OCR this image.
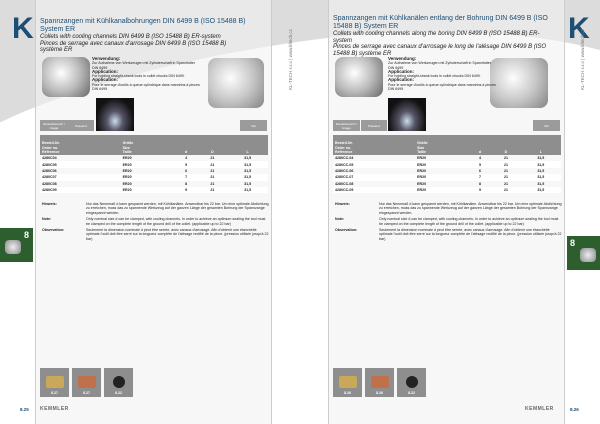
K	K
Spannzangen mit Kühlkanalbohrungen DIN 6499 B (ISO 15488 B) System ER
Collets with cooling channels DIN 6499 B (ISO 15488 B) ER-system
Pinces de serrage avec canaux d'arrosage DIN 6499 B (ISO 15488 B) système ER
Verwendung:
Zur Aufnahme von Werkzeugen mit Zylinderschaft in Spannfutter DIN 6499.
Application:
For holding straight-shank tools in collet chucks DIN 6499.
Application:
Pour le serrage d'outils à queue cylindrique dans mandrins à pinces DIN 6499.
Einsatzbereich / Usage	Passend	Info
Bestell-Nr.
Order no.
Référence	Größe
Size
Taille	d	D	L
4280C04	ER20	4	21	31,5
4280C05	ER20	5	21	31,5
4280C06	ER20	6	21	31,5
4280C07	ER20	7	21	31,5
4280C08	ER20	8	21	31,5
4280C09	ER20	9	21	31,5
Hinweis:	Nur das Nennmaß d kann gespannt werden, mit Kühlkanälen. Anwendbar bis 22 bar. Um eine optimale Abdichtung zu erreichen, muss das zu spannende Werkzeug auf der ganzen Länge der gesamten Bohrung der Spannzange eingespannt werden.
Note:	Only nominal size d can be clamped, with cooling channels. In order to achieve an optimum sealing the tool must be clamped on the complete length of the ground drill of the collet. (applicable up to 22 bar)
Observation:	Seulement la dimension nominale d peut être serrée, avec canaux d'arrosage. Afin d'obtenir une étanchéité optimale l'outil doit être serré sur la longueur complète de l'alésage rectifié de la pince. (pression utilisée jusqu'à 22 bar)
8.27	8.27	8.22
8.25 KEMMLER
8
KL-TECH s.r.o | www.kltech.cz
Spannzangen mit Kühlkanälen entlang der Bohrung DIN 6499 B (ISO 15488 B) System ER
Collets with cooling channels along the boring DIN 6499 B (ISO 15488 B) ER-system
Pinces de serrage avec canaux d'arrosage le long de l'alésage DIN 6499 B (ISO 15488 B) système ER
Verwendung:
Zur Aufnahme von Werkzeugen mit Zylinderschaft in Spannfutter DIN 6499.
Application:
For holding straight-shank tools in collet chucks DIN 6499.
Application:
Pour le serrage d'outils à queue cylindrique dans mandrins à pinces DIN 6499.
Einsatzbereich / Usage	Passend	Info
Bestell-Nr.
Order no.
Référence	Größe
Size
Taille	d	D	L
4280CC-04	ER20	4	21	31,5
4280CC-05	ER20	5	21	31,5
4280CC-06	ER20	6	21	31,5
4280CC-07	ER20	7	21	31,5
4280CC-08	ER20	8	21	31,5
4280CC-09	ER20	9	21	31,5
Hinweis:	Nur das Nennmaß d kann gespannt werden, mit Kühlkanälen. Anwendbar bis 22 bar. Um eine optimale Abdichtung zu erreichen, muss das zu spannende Werkzeug auf der ganzen Länge der gesamten Bohrung der Spannzange eingespannt werden.
Note:	Only nominal size d can be clamped, with cooling channels. In order to achieve an optimum sealing the tool must be clamped on the complete length of the ground drill of the collet. (applicable up to 22 bar)
Observation:	Seulement la dimension nominale d peut être serrée, avec canaux d'arrosage. Afin d'obtenir une étanchéité optimale l'outil doit être serré sur la longueur complète de l'alésage rectifié de la pince. (pression utilisée jusqu'à 22 bar)
8.26	8.26	8.22
KEMMLER	8.26
8
KL-TECH s.r.o | www.kltech.cz
